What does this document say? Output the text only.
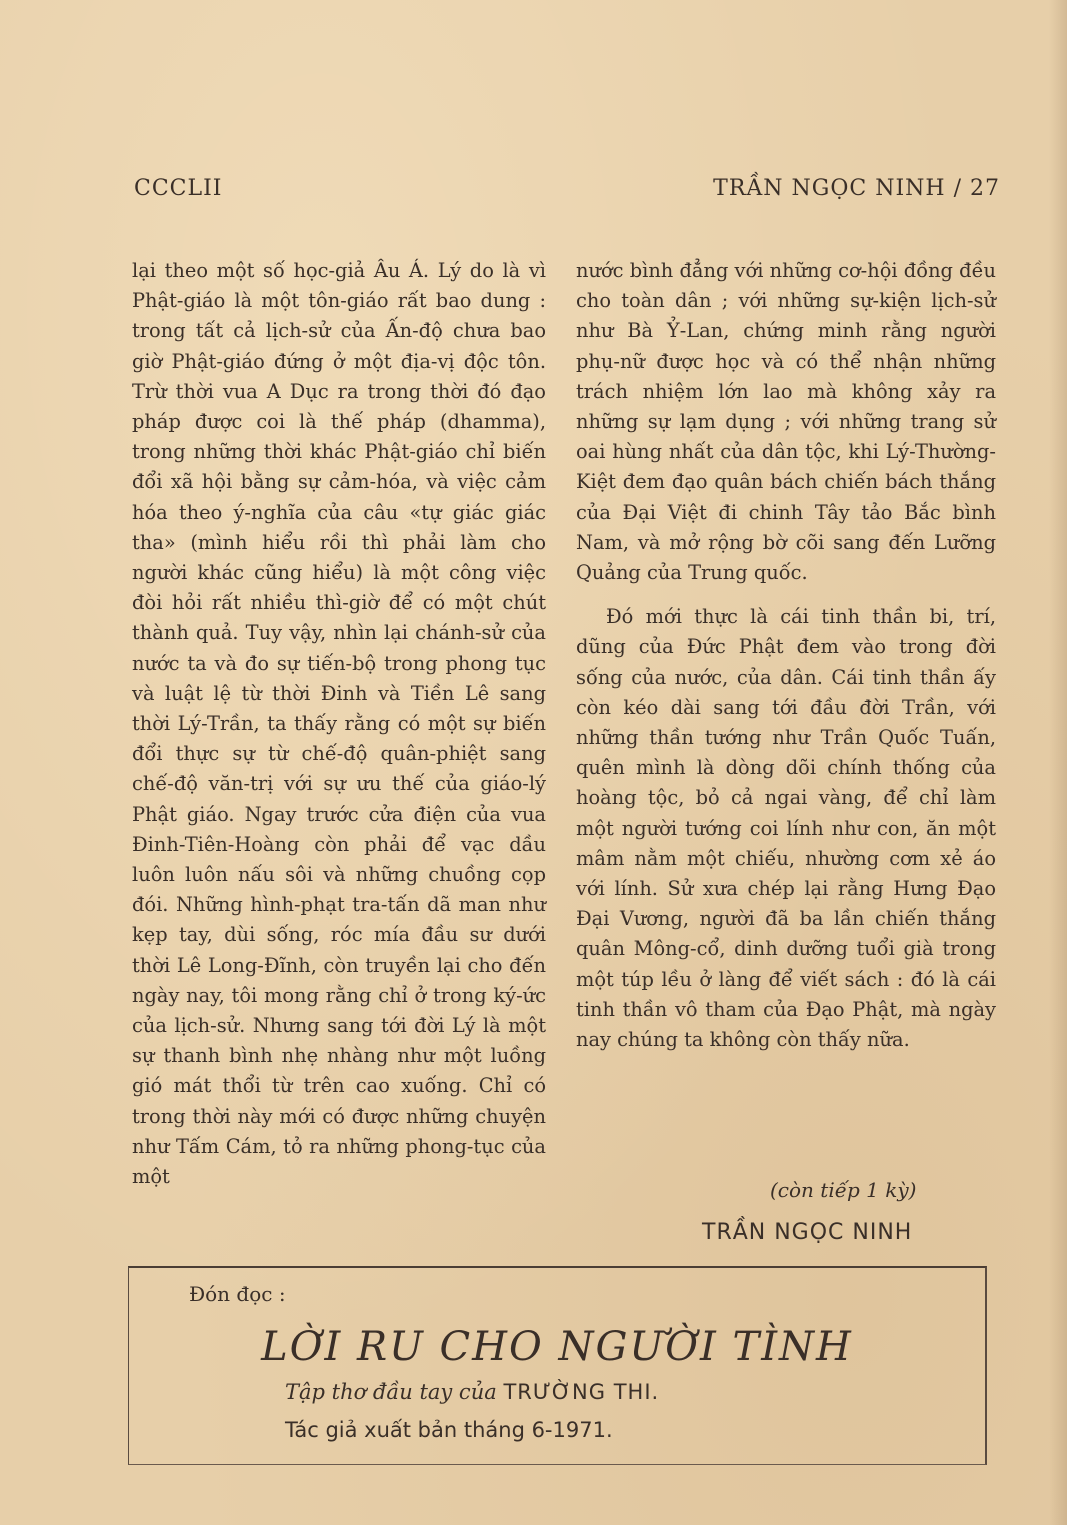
CCCLII	TRẦN NGỌC NINH / 27

lại theo một số học-giả Âu Á. Lý do là vì Phật-giáo là một tôn-giáo rất bao dung : trong tất cả lịch-sử của Ấn-độ chưa bao giờ Phật-giáo đứng ở một địa-vị độc tôn. Trừ thời vua A Dục ra trong thời đó đạo pháp được coi là thế pháp (dhamma), trong những thời khác Phật-giáo chỉ biến đổi xã hội bằng sự cảm-hóa, và việc cảm hóa theo ý-nghĩa của câu «tự giác giác tha» (mình hiểu rồi thì phải làm cho người khác cũng hiểu) là một công việc đòi hỏi rất nhiều thì-giờ để có một chút thành quả. Tuy vậy, nhìn lại chánh-sử của nước ta và đo sự tiến-bộ trong phong tục và luật lệ từ thời Đinh và Tiền Lê sang thời Lý-Trần, ta thấy rằng có một sự biến đổi thực sự từ chế-độ quân-phiệt sang chế-độ văn-trị với sự ưu thế của giáo-lý Phật giáo. Ngay trước cửa điện của vua Đinh-Tiên-Hoàng còn phải để vạc dầu luôn luôn nấu sôi và những chuồng cọp đói. Những hình-phạt tra-tấn dã man như kẹp tay, dùi sống, róc mía đầu sư dưới thời Lê Long-Đĩnh, còn truyền lại cho đến ngày nay, tôi mong rằng chỉ ở trong ký-ức của lịch-sử. Nhưng sang tới đời Lý là một sự thanh bình nhẹ nhàng như một luồng gió mát thổi từ trên cao xuống. Chỉ có trong thời này mới có được những chuyện như Tấm Cám, tỏ ra những phong-tục của một

nước bình đẳng với những cơ-hội đồng đều cho toàn dân ; với những sự-kiện lịch-sử như Bà Ỷ-Lan, chứng minh rằng người phụ-nữ được học và có thể nhận những trách nhiệm lớn lao mà không xảy ra những sự lạm dụng ; với những trang sử oai hùng nhất của dân tộc, khi Lý-Thường-Kiệt đem đạo quân bách chiến bách thắng của Đại Việt đi chinh Tây tảo Bắc bình Nam, và mở rộng bờ cõi sang đến Lưỡng Quảng của Trung quốc.

Đó mới thực là cái tinh thần bi, trí, dũng của Đức Phật đem vào trong đời sống của nước, của dân. Cái tinh thần ấy còn kéo dài sang tới đầu đời Trần, với những thần tướng như Trần Quốc Tuấn, quên mình là dòng dõi chính thống của hoàng tộc, bỏ cả ngai vàng, để chỉ làm một người tướng coi lính như con, ăn một mâm nằm một chiếu, nhường cơm xẻ áo với lính. Sử xưa chép lại rằng Hưng Đạo Đại Vương, người đã ba lần chiến thắng quân Mông-cổ, dinh dưỡng tuổi già trong một túp lều ở làng để viết sách : đó là cái tinh thần vô tham của Đạo Phật, mà ngày nay chúng ta không còn thấy nữa.

(còn tiếp 1 kỳ)
TRẦN NGỌC NINH
Đón đọc :
LỜI RU CHO NGƯỜI TÌNH
Tập thơ đầu tay của TRƯỜNG THI.
Tác giả xuất bản tháng 6-1971.
